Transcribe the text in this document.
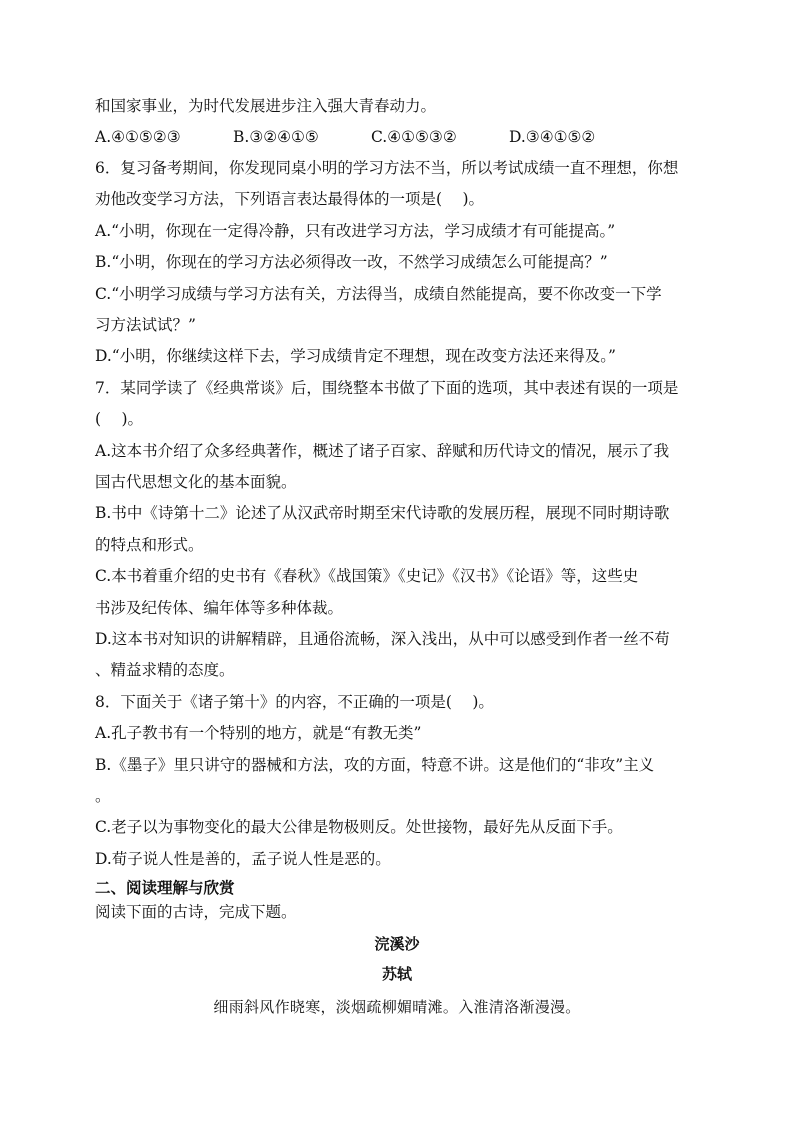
和国家事业，为时代发展进步注入强大青春动力。
A.④①⑤②③	B.③②④①⑤	C.④①⑤③②	D.③④①⑤②
6．复习备考期间，你发现同桌小明的学习方法不当，所以考试成绩一直不理想，你想
劝他改变学习方法，下列语言表达最得体的一项是(　 )。
A.“小明，你现在一定得冷静，只有改进学习方法，学习成绩才有可能提高。”
B.“小明，你现在的学习方法必须得改一改，不然学习成绩怎么可能提高？”
C.“小明学习成绩与学习方法有关，方法得当，成绩自然能提高，要不你改变一下学
习方法试试？”
D.“小明，你继续这样下去，学习成绩肯定不理想，现在改变方法还来得及。”
7．某同学读了《经典常谈》后，围绕整本书做了下面的选项，其中表述有误的一项是
(　 )。
A.这本书介绍了众多经典著作，概述了诸子百家、辞赋和历代诗文的情况，展示了我
国古代思想文化的基本面貌。
B.书中《诗第十二》论述了从汉武帝时期至宋代诗歌的发展历程，展现不同时期诗歌
的特点和形式。
C.本书着重介绍的史书有《春秋》《战国策》《史记》《汉书》《论语》等，这些史
书涉及纪传体、编年体等多种体裁。
D.这本书对知识的讲解精辟，且通俗流畅，深入浅出，从中可以感受到作者一丝不苟
、精益求精的态度。
8．下面关于《诸子第十》的内容，不正确的一项是(　 )。
A.孔子教书有一个特别的地方，就是“有教无类”
B.《墨子》里只讲守的器械和方法，攻的方面，特意不讲。这是他们的“非攻”主义
。
C.老子以为事物变化的最大公律是物极则反。处世接物，最好先从反面下手。
D.荀子说人性是善的，孟子说人性是恶的。
二、阅读理解与欣赏
阅读下面的古诗，完成下题。
浣溪沙
苏轼
细雨斜风作晓寒，淡烟疏柳媚晴滩。入淮清洛渐漫漫。
